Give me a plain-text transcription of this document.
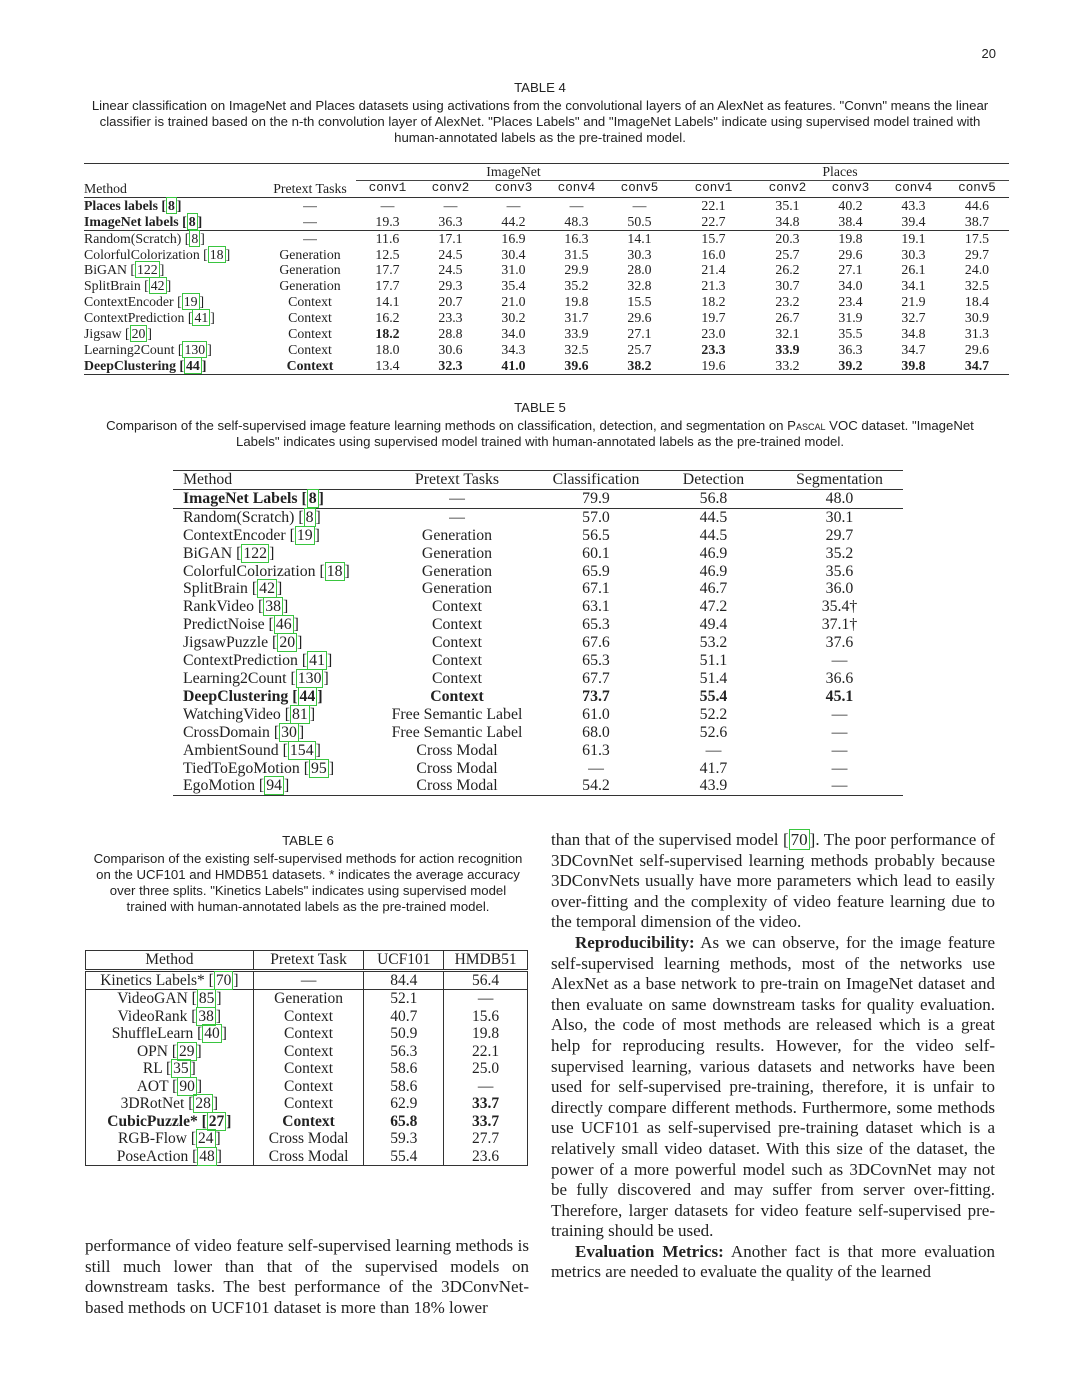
20
TABLE 4
Linear classification on ImageNet and Places datasets using activations from the convolutional layers of an AlexNet as features. "Convn" means the linear classifier is trained based on the n-th convolution layer of AlexNet. "Places Labels" and "ImageNet Labels" indicate using supervised model trained with human-annotated labels as the pre-trained model.
		ImageNet					Places				
Method	Pretext Tasks	conv1	conv2	conv3	conv4	conv5	conv1	conv2	conv3	conv4	conv5
Places labels [ 8 ]	—	—	—	—	—	—	22.1	35.1	40.2	43.3	44.6
ImageNet labels [ 8 ]	—	19.3	36.3	44.2	48.3	50.5	22.7	34.8	38.4	39.4	38.7
Random(Scratch) [ 8 ]	—	11.6	17.1	16.9	16.3	14.1	15.7	20.3	19.8	19.1	17.5
ColorfulColorization [ 18 ]	Generation	12.5	24.5	30.4	31.5	30.3	16.0	25.7	29.6	30.3	29.7
BiGAN [ 122 ]	Generation	17.7	24.5	31.0	29.9	28.0	21.4	26.2	27.1	26.1	24.0
SplitBrain [ 42 ]	Generation	17.7	29.3	35.4	35.2	32.8	21.3	30.7	34.0	34.1	32.5
ContextEncoder [ 19 ]	Context	14.1	20.7	21.0	19.8	15.5	18.2	23.2	23.4	21.9	18.4
ContextPrediction [ 41 ]	Context	16.2	23.3	30.2	31.7	29.6	19.7	26.7	31.9	32.7	30.9
Jigsaw [ 20 ]	Context	18.2	28.8	34.0	33.9	27.1	23.0	32.1	35.5	34.8	31.3
Learning2Count [ 130 ]	Context	18.0	30.6	34.3	32.5	25.7	23.3	33.9	36.3	34.7	29.6
DeepClustering [ 44 ]	Context	13.4	32.3	41.0	39.6	38.2	19.6	33.2	39.2	39.8	34.7
TABLE 5
Comparison of the self-supervised image feature learning methods on classification, detection, and segmentation on Pascal VOC dataset. "ImageNet Labels" indicates using supervised model trained with human-annotated labels as the pre-trained model.
Method	Pretext Tasks	Classification	Detection	Segmentation
ImageNet Labels [ 8 ]	—	79.9	56.8	48.0
Random(Scratch) [ 8 ]	—	57.0	44.5	30.1
ContextEncoder [ 19 ]	Generation	56.5	44.5	29.7
BiGAN [ 122 ]	Generation	60.1	46.9	35.2
ColorfulColorization [ 18 ]	Generation	65.9	46.9	35.6
SplitBrain [ 42 ]	Generation	67.1	46.7	36.0
RankVideo [ 38 ]	Context	63.1	47.2	35.4†
PredictNoise [ 46 ]	Context	65.3	49.4	37.1†
JigsawPuzzle [ 20 ]	Context	67.6	53.2	37.6
ContextPrediction [ 41 ]	Context	65.3	51.1	—
Learning2Count [ 130 ]	Context	67.7	51.4	36.6
DeepClustering [ 44 ]	Context	73.7	55.4	45.1
WatchingVideo [ 81 ]	Free Semantic Label	61.0	52.2	—
CrossDomain [ 30 ]	Free Semantic Label	68.0	52.6	—
AmbientSound [ 154 ]	Cross Modal	61.3	—	—
TiedToEgoMotion [ 95 ]	Cross Modal	—	41.7	—
EgoMotion [ 94 ]	Cross Modal	54.2	43.9	—
TABLE 6
Comparison of the existing self-supervised methods for action recognition on the UCF101 and HMDB51 datasets. * indicates the average accuracy over three splits. "Kinetics Labels" indicates using supervised model trained with human-annotated labels as the pre-trained model.
Method	Pretext Task	UCF101	HMDB51
Kinetics Labels* [ 70 ]	—	84.4	56.4
VideoGAN [ 85 ]	Generation	52.1	—
VideoRank [ 38 ]	Context	40.7	15.6
ShuffleLearn [ 40 ]	Context	50.9	19.8
OPN [ 29 ]	Context	56.3	22.1
RL [ 35 ]	Context	58.6	25.0
AOT [ 90 ]	Context	58.6	—
3DRotNet [ 28 ]	Context	62.9	33.7
CubicPuzzle* [ 27 ]	Context	65.8	33.7
RGB-Flow [ 24 ]	Cross Modal	59.3	27.7
PoseAction [ 48 ]	Cross Modal	55.4	23.6

performance of video feature self-supervised learning methods is still much lower than that of the supervised models on downstream tasks. The best performance of the 3DConvNet-based methods on UCF101 dataset is more than 18% lower

than that of the supervised model [ 70 ]. The poor performance of 3DCovnNet self-supervised learning methods probably because 3DConvNets usually have more parameters which lead to easily over-fitting and the complexity of video feature learning due to the temporal dimension of the video.

Reproducibility: As we can observe, for the image feature self-supervised learning methods, most of the networks use AlexNet as a base network to pre-train on ImageNet dataset and then evaluate on same downstream tasks for quality evaluation. Also, the code of most methods are released which is a great help for reproducing results. However, for the video self-supervised learning, various datasets and networks have been used for self-supervised pre-training, therefore, it is unfair to directly compare different methods. Furthermore, some methods use UCF101 as self-supervised pre-training dataset which is a relatively small video dataset. With this size of the dataset, the power of a more powerful model such as 3DCovnNet may not be fully discovered and may suffer from server over-fitting. Therefore, larger datasets for video feature self-supervised pre-training should be used.

Evaluation Metrics: Another fact is that more evaluation metrics are needed to evaluate the quality of the learned
